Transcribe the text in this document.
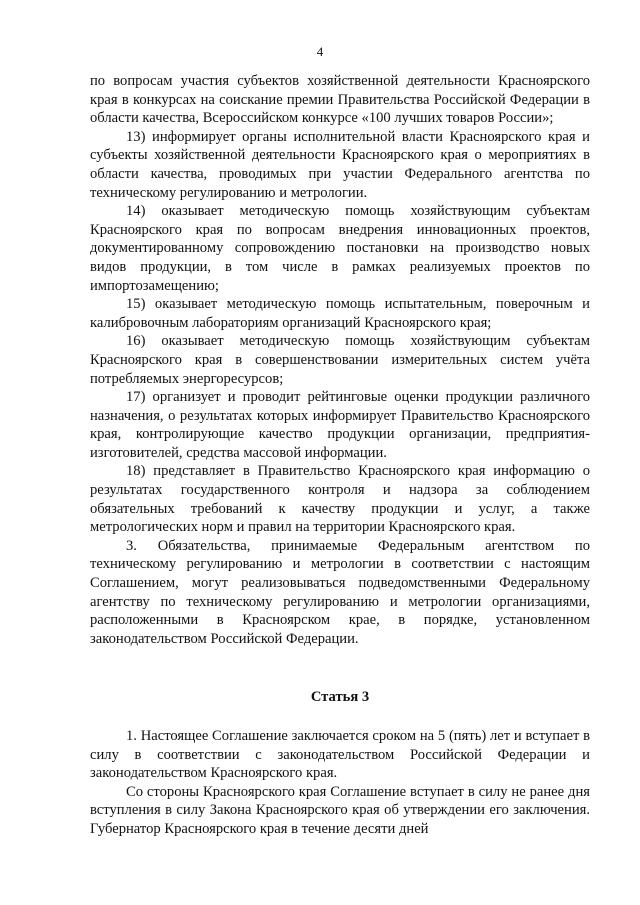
4

по вопросам участия субъектов хозяйственной деятельности Красноярского края в конкурсах на соискание премии Правительства Российской Федерации в области качества, Всероссийском конкурсе «100 лучших товаров России»;

13) информирует органы исполнительной власти Красноярского края и субъекты хозяйственной деятельности Красноярского края о мероприятиях в области качества, проводимых при участии Федерального агентства по техническому регулированию и метрологии.

14) оказывает методическую помощь хозяйствующим субъектам Красноярского края по вопросам внедрения инновационных проектов, документированному сопровождению постановки на производство новых видов продукции, в том числе в рамках реализуемых проектов по импортозамещению;

15) оказывает методическую помощь испытательным, поверочным и калибровочным лабораториям организаций Красноярского края;

16) оказывает методическую помощь хозяйствующим субъектам Красноярского края в совершенствовании измерительных систем учёта потребляемых энергоресурсов;

17) организует и проводит рейтинговые оценки продукции различного назначения, о результатах которых информирует Правительство Красноярского края, контролирующие качество продукции организации, предприятия-изготовителей, средства массовой информации.

18) представляет в Правительство Красноярского края информацию о результатах государственного контроля и надзора за соблюдением обязательных требований к качеству продукции и услуг, а также метрологических норм и правил на территории Красноярского края.

3. Обязательства, принимаемые Федеральным агентством по техническому регулированию и метрологии в соответствии с настоящим Соглашением, могут реализовываться подведомственными Федеральному агентству по техническому регулированию и метрологии организациями, расположенными в Красноярском крае, в порядке, установленном законодательством Российской Федерации.

Статья 3

1. Настоящее Соглашение заключается сроком на 5 (пять) лет и вступает в силу в соответствии с законодательством Российской Федерации и законодательством Красноярского края.

Со стороны Красноярского края Соглашение вступает в силу не ранее дня вступления в силу Закона Красноярского края об утверждении его заключения. Губернатор Красноярского края в течение десяти дней
